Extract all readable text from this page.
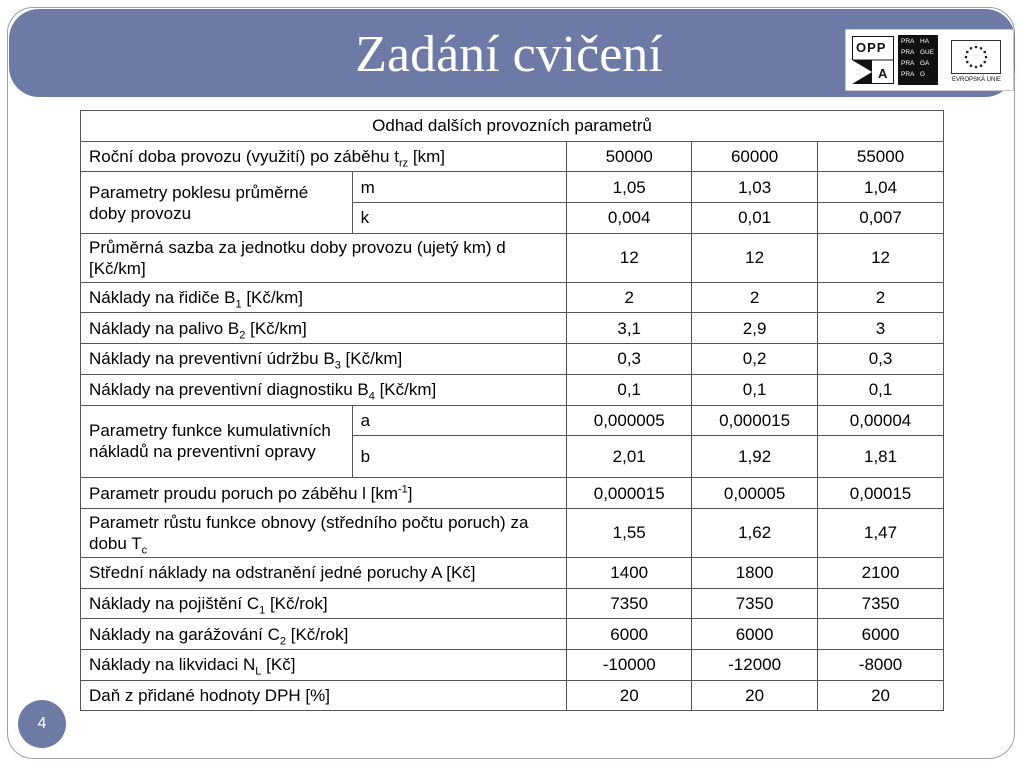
Zadání cvičení	OPP
A
PRA HA
PRA GUE
PRA GA
PRA G
EVROPSKÁ UNIE
Odhad dalších provozních parametrů				
Roční doba provozu (využití) po záběhu $t_{rz}$ [km]		50000	60000	55000
Parametry poklesu průměrné doby provozu	m	1,05	1,03	1,04
	k	0,004	0,01	0,007
Průměrná sazba za jednotku doby provozu (ujetý km) d [Kč/km]		12	12	12
Náklady na řidiče $B_1$ [Kč/km]		2	2	2
Náklady na palivo $B_2$ [Kč/km]		3,1	2,9	3
Náklady na preventivní údržbu $B_3$ [Kč/km]		0,3	0,2	0,3
Náklady na preventivní diagnostiku $B_4$ [Kč/km]		0,1	0,1	0,1
Parametry funkce kumulativních nákladů na preventivní opravy	a	0,000005	0,000015	0,00004
	b	2,01	1,92	1,81
Parametr proudu poruch po záběhu l $[km^{-1}]$		0,000015	0,00005	0,00015
Parametr růstu funkce obnovy (středního počtu poruch) za dobu $T_c$		1,55	1,62	1,47
Střední náklady na odstranění jedné poruchy A [Kč]		1400	1800	2100
Náklady na pojištění $C_1$ [Kč/rok]		7350	7350	7350
Náklady na garážování $C_2$ [Kč/rok]		6000	6000	6000
Náklady na likvidaci $N_L$ [Kč]		-10000	-12000	-8000
Daň z přidané hodnoty DPH [%]		20	20	20
4
